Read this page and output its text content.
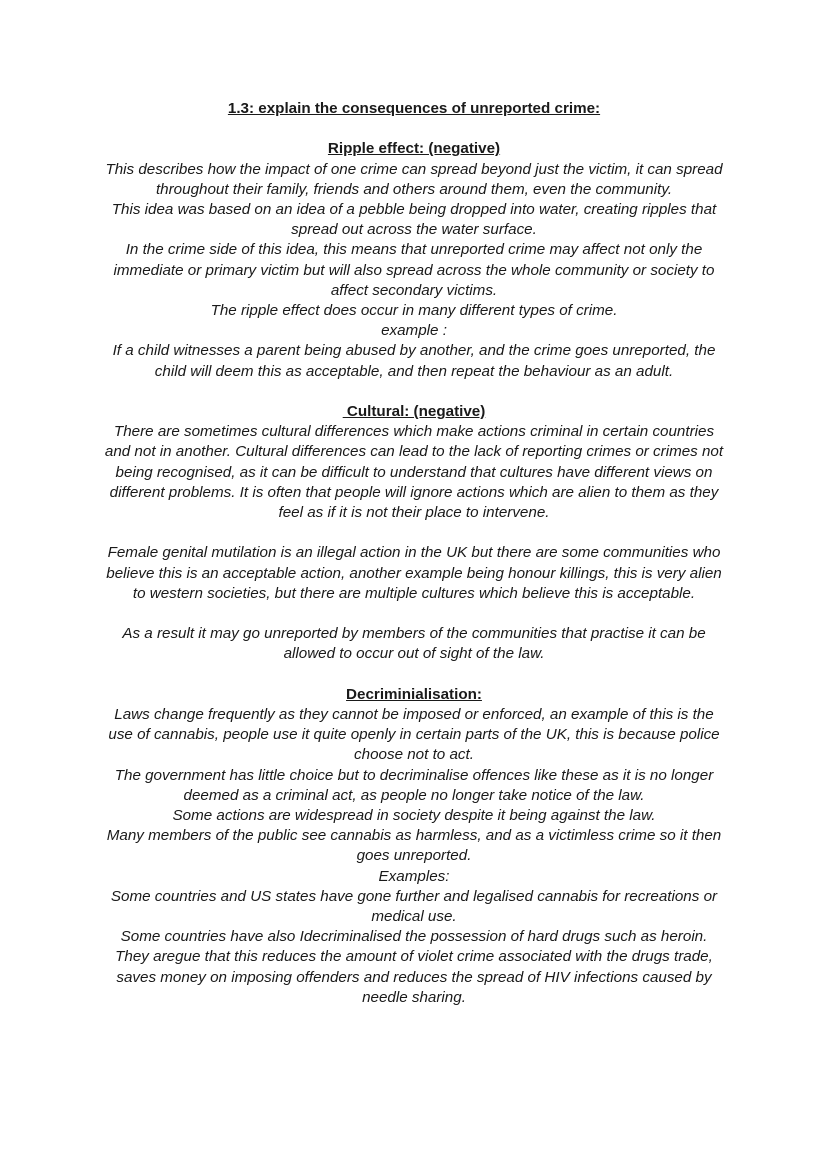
1.3: explain the consequences of unreported crime:

Ripple effect: (negative)

This describes how the impact of one crime can spread beyond just the victim, it can spread throughout their family, friends and others around them, even the community.

This idea was based on an idea of a pebble being dropped into water, creating ripples that spread out across the water surface.

In the crime side of this idea, this means that unreported crime may affect not only the immediate or primary victim but will also spread across the whole community or society to affect secondary victims.

The ripple effect does occur in many different types of crime.

example :

If a child witnesses a parent being abused by another, and the crime goes unreported, the child will deem this as acceptable, and then repeat the behaviour as an adult.

Cultural: (negative)

There are sometimes cultural differences which make actions criminal in certain countries and not in another. Cultural differences can lead to the lack of reporting crimes or crimes not being recognised, as it can be difficult to understand that cultures have different views on different problems. It is often that people will ignore actions which are alien to them as they feel as if it is not their place to intervene.

Female genital mutilation is an illegal action in the UK but there are some communities who believe this is an acceptable action, another example being honour killings, this is very alien to western societies, but there are multiple cultures which believe this is acceptable.

As a result it may go unreported by members of the communities that practise it can be allowed to occur out of sight of the law.

Decriminialisation:

Laws change frequently as they cannot be imposed or enforced, an example of this is the use of cannabis, people use it quite openly in certain parts of the UK, this is because police choose not to act.

The government has little choice but to decriminalise offences like these as it is no longer deemed as a criminal act, as people no longer take notice of the law.

Some actions are widespread in society despite it being against the law.

Many members of the public see cannabis as harmless, and as a victimless crime so it then goes unreported.

Examples:

Some countries and US states have gone further and legalised cannabis for recreations or medical use.

Some countries have also Idecriminalised the possession of hard drugs such as heroin.

They aregue that this reduces the amount of violet crime associated with the drugs trade, saves money on imposing offenders and reduces the spread of HIV infections caused by needle sharing.
